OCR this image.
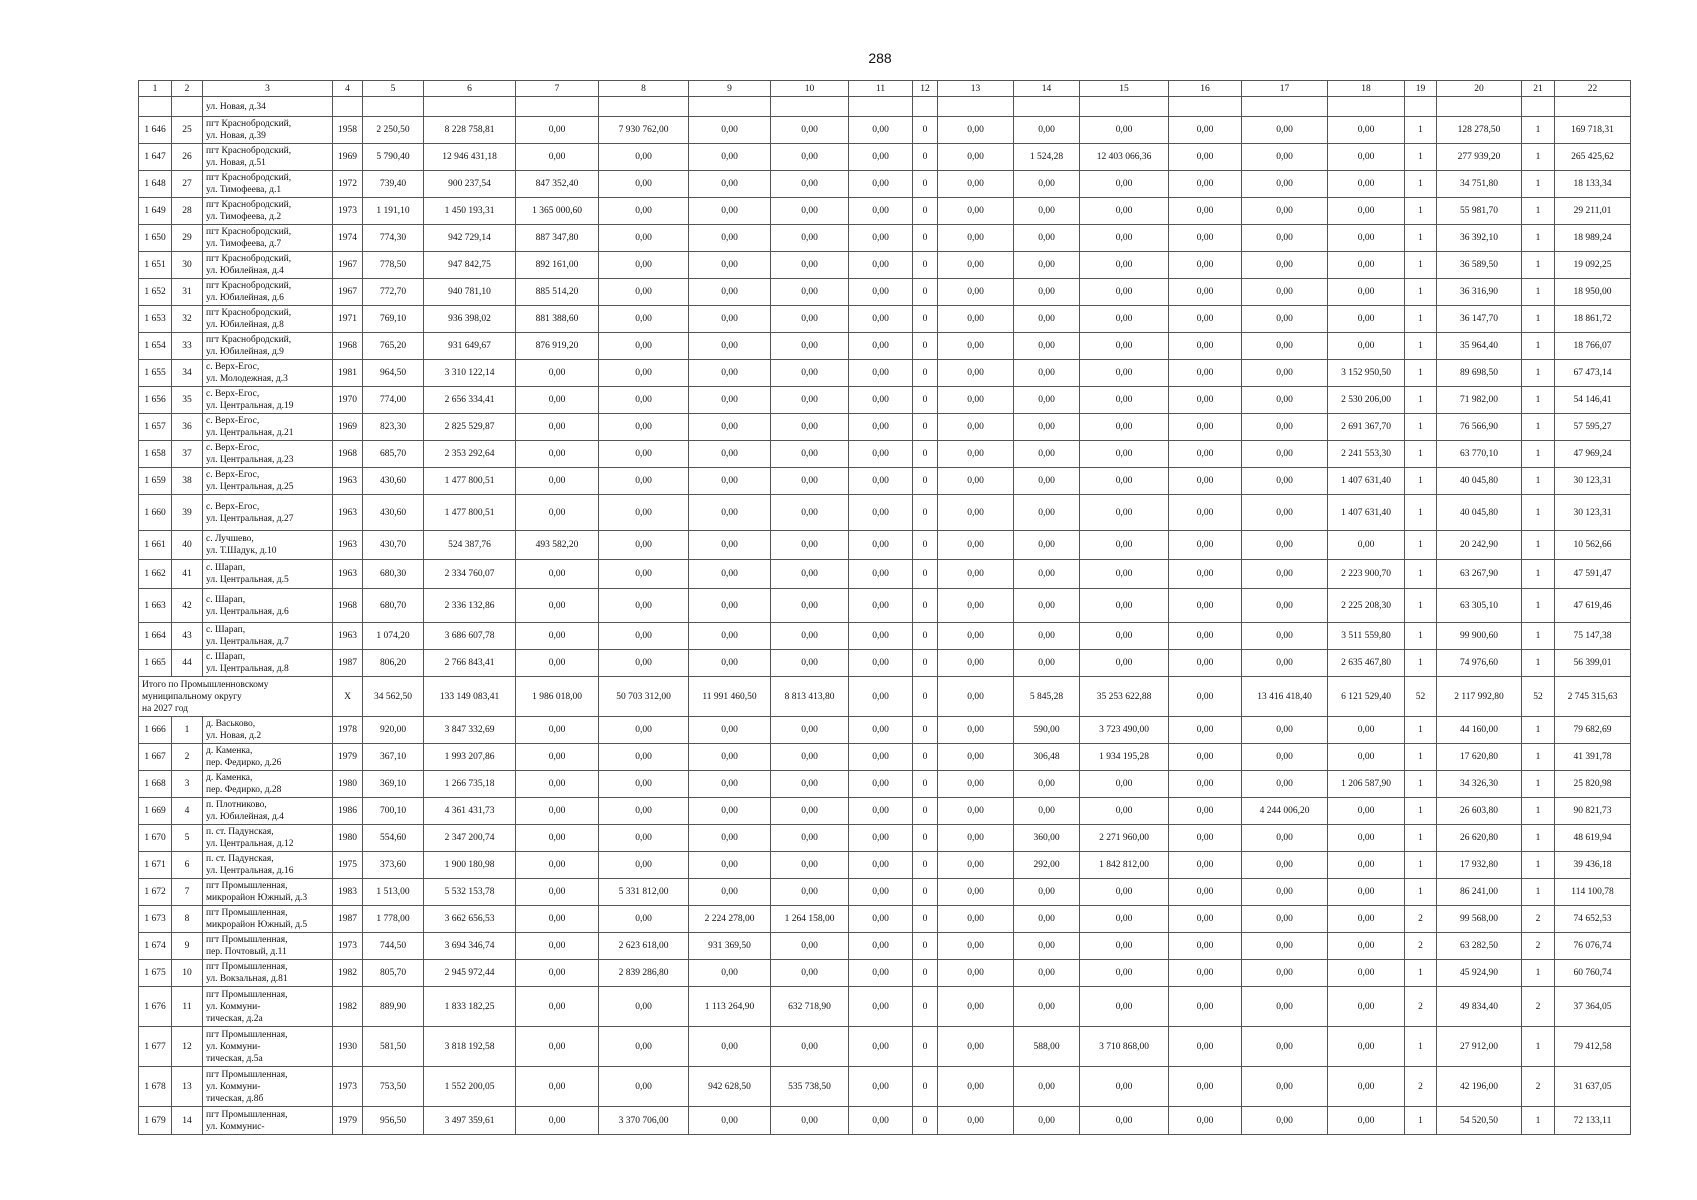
288
1	2	3	4	5	6	7	8	9	10	11	12	13	14	15	16	17	18	19	20	21	22
		ул. Новая, д.34																			
1 646	25	пгт Краснобродский,
ул. Новая, д.39	1958	2 250,50	8 228 758,81	0,00	7 930 762,00	0,00	0,00	0,00	0	0,00	0,00	0,00	0,00	0,00	0,00	1	128 278,50	1	169 718,31
1 647	26	пгт Краснобродский,
ул. Новая, д.51	1969	5 790,40	12 946 431,18	0,00	0,00	0,00	0,00	0,00	0	0,00	1 524,28	12 403 066,36	0,00	0,00	0,00	1	277 939,20	1	265 425,62
1 648	27	пгт Краснобродский,
ул. Тимофеева, д.1	1972	739,40	900 237,54	847 352,40	0,00	0,00	0,00	0,00	0	0,00	0,00	0,00	0,00	0,00	0,00	1	34 751,80	1	18 133,34
1 649	28	пгт Краснобродский,
ул. Тимофеева, д.2	1973	1 191,10	1 450 193,31	1 365 000,60	0,00	0,00	0,00	0,00	0	0,00	0,00	0,00	0,00	0,00	0,00	1	55 981,70	1	29 211,01
1 650	29	пгт Краснобродский,
ул. Тимофеева, д.7	1974	774,30	942 729,14	887 347,80	0,00	0,00	0,00	0,00	0	0,00	0,00	0,00	0,00	0,00	0,00	1	36 392,10	1	18 989,24
1 651	30	пгт Краснобродский,
ул. Юбилейная, д.4	1967	778,50	947 842,75	892 161,00	0,00	0,00	0,00	0,00	0	0,00	0,00	0,00	0,00	0,00	0,00	1	36 589,50	1	19 092,25
1 652	31	пгт Краснобродский,
ул. Юбилейная, д.6	1967	772,70	940 781,10	885 514,20	0,00	0,00	0,00	0,00	0	0,00	0,00	0,00	0,00	0,00	0,00	1	36 316,90	1	18 950,00
1 653	32	пгт Краснобродский,
ул. Юбилейная, д.8	1971	769,10	936 398,02	881 388,60	0,00	0,00	0,00	0,00	0	0,00	0,00	0,00	0,00	0,00	0,00	1	36 147,70	1	18 861,72
1 654	33	пгт Краснобродский,
ул. Юбилейная, д.9	1968	765,20	931 649,67	876 919,20	0,00	0,00	0,00	0,00	0	0,00	0,00	0,00	0,00	0,00	0,00	1	35 964,40	1	18 766,07
1 655	34	с. Верх-Егос,
ул. Молодежная, д.3	1981	964,50	3 310 122,14	0,00	0,00	0,00	0,00	0,00	0	0,00	0,00	0,00	0,00	0,00	3 152 950,50	1	89 698,50	1	67 473,14
1 656	35	с. Верх-Егос,
ул. Центральная, д.19	1970	774,00	2 656 334,41	0,00	0,00	0,00	0,00	0,00	0	0,00	0,00	0,00	0,00	0,00	2 530 206,00	1	71 982,00	1	54 146,41
1 657	36	с. Верх-Егос,
ул. Центральная, д.21	1969	823,30	2 825 529,87	0,00	0,00	0,00	0,00	0,00	0	0,00	0,00	0,00	0,00	0,00	2 691 367,70	1	76 566,90	1	57 595,27
1 658	37	с. Верх-Егос,
ул. Центральная, д.23	1968	685,70	2 353 292,64	0,00	0,00	0,00	0,00	0,00	0	0,00	0,00	0,00	0,00	0,00	2 241 553,30	1	63 770,10	1	47 969,24
1 659	38	с. Верх-Егос,
ул. Центральная, д.25	1963	430,60	1 477 800,51	0,00	0,00	0,00	0,00	0,00	0	0,00	0,00	0,00	0,00	0,00	1 407 631,40	1	40 045,80	1	30 123,31
1 660	39	с. Верх-Егос,
ул. Центральная, д.27	1963	430,60	1 477 800,51	0,00	0,00	0,00	0,00	0,00	0	0,00	0,00	0,00	0,00	0,00	1 407 631,40	1	40 045,80	1	30 123,31
1 661	40	с. Лучшево,
ул. Т.Шадук, д.10	1963	430,70	524 387,76	493 582,20	0,00	0,00	0,00	0,00	0	0,00	0,00	0,00	0,00	0,00	0,00	1	20 242,90	1	10 562,66
1 662	41	с. Шарап,
ул. Центральная, д.5	1963	680,30	2 334 760,07	0,00	0,00	0,00	0,00	0,00	0	0,00	0,00	0,00	0,00	0,00	2 223 900,70	1	63 267,90	1	47 591,47
1 663	42	с. Шарап,
ул. Центральная, д.6	1968	680,70	2 336 132,86	0,00	0,00	0,00	0,00	0,00	0	0,00	0,00	0,00	0,00	0,00	2 225 208,30	1	63 305,10	1	47 619,46
1 664	43	с. Шарап,
ул. Центральная, д.7	1963	1 074,20	3 686 607,78	0,00	0,00	0,00	0,00	0,00	0	0,00	0,00	0,00	0,00	0,00	3 511 559,80	1	99 900,60	1	75 147,38
1 665	44	с. Шарап,
ул. Центральная, д.8	1987	806,20	2 766 843,41	0,00	0,00	0,00	0,00	0,00	0	0,00	0,00	0,00	0,00	0,00	2 635 467,80	1	74 976,60	1	56 399,01
Итого по Промышленновскому
муниципальному округу
на 2027 год			X	34 562,50	133 149 083,41	1 986 018,00	50 703 312,00	11 991 460,50	8 813 413,80	0,00	0	0,00	5 845,28	35 253 622,88	0,00	13 416 418,40	6 121 529,40	52	2 117 992,80	52	2 745 315,63
1 666	1	д. Васьково,
ул. Новая, д.2	1978	920,00	3 847 332,69	0,00	0,00	0,00	0,00	0,00	0	0,00	590,00	3 723 490,00	0,00	0,00	0,00	1	44 160,00	1	79 682,69
1 667	2	д. Каменка,
пер. Федирко, д.26	1979	367,10	1 993 207,86	0,00	0,00	0,00	0,00	0,00	0	0,00	306,48	1 934 195,28	0,00	0,00	0,00	1	17 620,80	1	41 391,78
1 668	3	д. Каменка,
пер. Федирко, д.28	1980	369,10	1 266 735,18	0,00	0,00	0,00	0,00	0,00	0	0,00	0,00	0,00	0,00	0,00	1 206 587,90	1	34 326,30	1	25 820,98
1 669	4	п. Плотниково,
ул. Юбилейная, д.4	1986	700,10	4 361 431,73	0,00	0,00	0,00	0,00	0,00	0	0,00	0,00	0,00	0,00	4 244 006,20	0,00	1	26 603,80	1	90 821,73
1 670	5	п. ст. Падунская,
ул. Центральная, д.12	1980	554,60	2 347 200,74	0,00	0,00	0,00	0,00	0,00	0	0,00	360,00	2 271 960,00	0,00	0,00	0,00	1	26 620,80	1	48 619,94
1 671	6	п. ст. Падунская,
ул. Центральная, д.16	1975	373,60	1 900 180,98	0,00	0,00	0,00	0,00	0,00	0	0,00	292,00	1 842 812,00	0,00	0,00	0,00	1	17 932,80	1	39 436,18
1 672	7	пгт Промышленная,
микрорайон Южный, д.3	1983	1 513,00	5 532 153,78	0,00	5 331 812,00	0,00	0,00	0,00	0	0,00	0,00	0,00	0,00	0,00	0,00	1	86 241,00	1	114 100,78
1 673	8	пгт Промышленная,
микрорайон Южный, д.5	1987	1 778,00	3 662 656,53	0,00	0,00	2 224 278,00	1 264 158,00	0,00	0	0,00	0,00	0,00	0,00	0,00	0,00	2	99 568,00	2	74 652,53
1 674	9	пгт Промышленная,
пер. Почтовый, д.11	1973	744,50	3 694 346,74	0,00	2 623 618,00	931 369,50	0,00	0,00	0	0,00	0,00	0,00	0,00	0,00	0,00	2	63 282,50	2	76 076,74
1 675	10	пгт Промышленная,
ул. Вокзальная, д.81	1982	805,70	2 945 972,44	0,00	2 839 286,80	0,00	0,00	0,00	0	0,00	0,00	0,00	0,00	0,00	0,00	1	45 924,90	1	60 760,74
1 676	11	пгт Промышленная,
ул. Коммуни-
тическая, д.2а	1982	889,90	1 833 182,25	0,00	0,00	1 113 264,90	632 718,90	0,00	0	0,00	0,00	0,00	0,00	0,00	0,00	2	49 834,40	2	37 364,05
1 677	12	пгт Промышленная,
ул. Коммуни-
тическая, д.5а	1930	581,50	3 818 192,58	0,00	0,00	0,00	0,00	0,00	0	0,00	588,00	3 710 868,00	0,00	0,00	0,00	1	27 912,00	1	79 412,58
1 678	13	пгт Промышленная,
ул. Коммуни-
тическая, д.8б	1973	753,50	1 552 200,05	0,00	0,00	942 628,50	535 738,50	0,00	0	0,00	0,00	0,00	0,00	0,00	0,00	2	42 196,00	2	31 637,05
1 679	14	пгт Промышленная,
ул. Коммунис-	1979	956,50	3 497 359,61	0,00	3 370 706,00	0,00	0,00	0,00	0	0,00	0,00	0,00	0,00	0,00	0,00	1	54 520,50	1	72 133,11
